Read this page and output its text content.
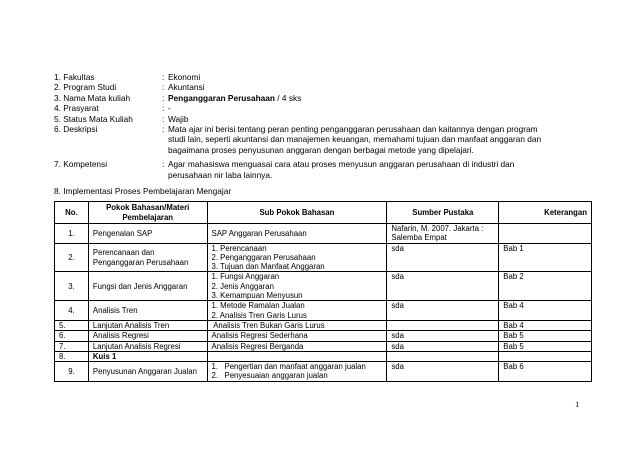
1. Fakultas	: Ekonomi
2. Program Studi	: Akuntansi
3. Nama Mata kuliah	: Penganggaran Perusahaan / 4 sks
4. Prasyarat	: -
5. Status Mata Kuliah	: Wajib
6. Deskripsi	: Mata ajar ini berisi tentang peran penting penganggaran perusahaan dan kaitannya dengan program
studi lain, seperti akuntansi dan manajemen keuangan, memahami tujuan dan manfaat anggaran dan
bagaimana proses penyusunan anggaran dengan berbagai metode yang dipelajari.
7. Kompetensi	: Agar mahasiswa menguasai cara atau proses menyusun anggaran perusahaan di industri dan
perusahaan nir laba lainnya.
8. Implementasi Proses Pembelajaran Mengajar
No.	Pokok Bahasan/Materi Pembelajaran	Sub Pokok Bahasan	Sumber Pustaka	Keterangan
1.	Pengenalan SAP	SAP Anggaran Perusahaan	Nafarin, M. 2007. Jakarta :
Salemba Empat	

2.	Perencanaan dan Penganggaran Perusahaan	1. Perencanaan
2. Penganggaran Perusahaan
3. Tujuan dan Manfaat Anggaran	sda	Bab 1
3.	Fungsi dan Jenis Anggaran	1. Fungsi Anggaran
2. Jenis Anggaran
3. Kemampuan Menyusun	sda	Bab 2
4.	Analisis Tren	1. Metode Ramalan Jualan
2. Analisis Tren Garis Lurus	sda	Bab 4
5.	Lanjutan Analisis Tren	Analisis Tren Bukan Garis Lurus		Bab 4
6.	Analisis Regresi	Analisis Regresi Sederhana	sda	Bab 5
7.	Lanjutan Analisis Regresi	Analisis Regresi Berganda	sda	Bab 5
8.	Kuis 1	

9.	Penyusunan Anggaran Jualan	1.   Pengertian dan manfaat anggaran jualan
2.   Penyesuaian anggaran jualan	sda	Bab 6
1
